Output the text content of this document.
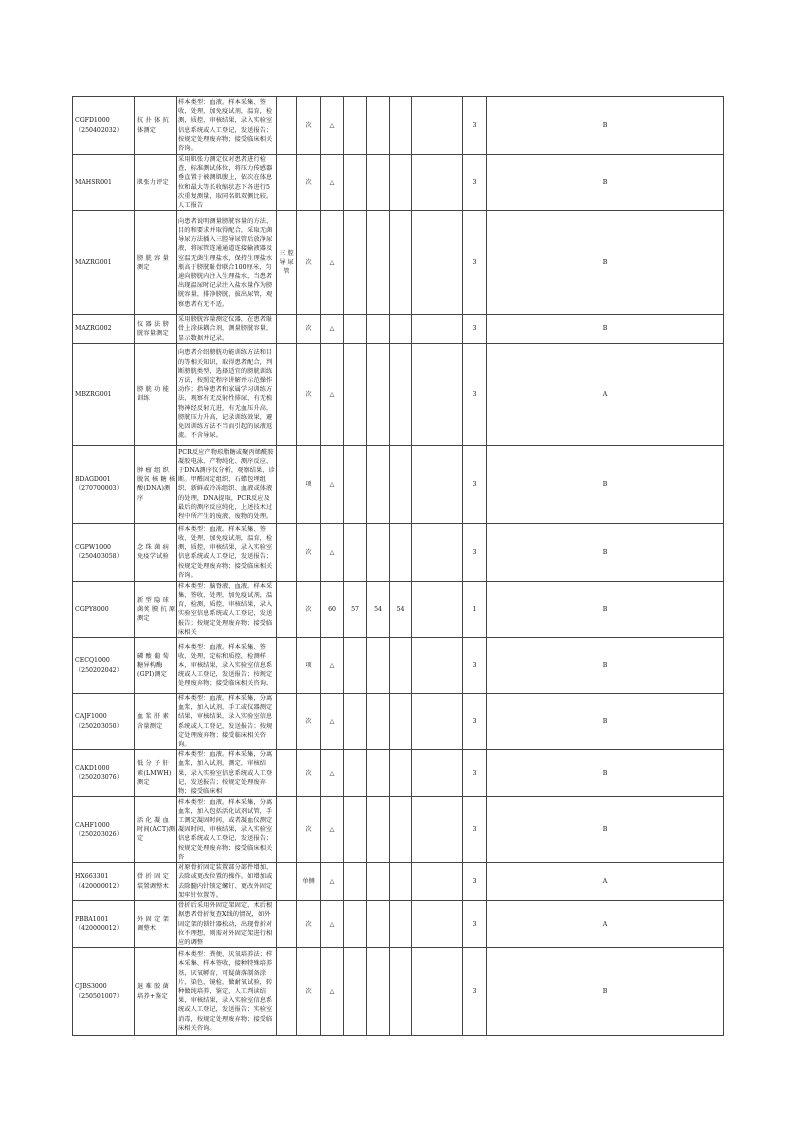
CGFD1000
（250402032）	抗 扑 体 抗 体测定	样本类型：血液。样本采集、签收、处理，加免疫试剂，温育，检测，质控，审核结果，录入实验室信息系统或人工登记，发送报告；按规定处理废弃物；接受临床相关咨询。		次	△					3	B
MAHSR001	肌张力评定	采用肌张力测定仪对患者进行检查，标准测试体位，将压力传感器垂直置于被测肌腹上，依次在体息位和最大等长收缩状态下各进行5次重复测量，取同名肌双侧比较。人工报告		次	△					3	B
MAZRG001	膀 胱 容 量 测定	向患者说明测量膀胱容量的方法、目的和要求并取得配合，采取无菌导尿方法插入三腔导尿管后放净尿液，将尿管连通通道连接输液器及室温无菌生理盐水，保持生理盐水瓶高于膀胱耻骨联合100厘米，匀速向膀胱内注入生理盐水，当患者出现温尿时记录注入盐水量作为膀胱容量，排净膀胱，拔出尿管，观察患者有无不适。	三 腔
导 尿
管	次	△					3	B
MAZRG002	仪 器 法 膀 胱容量测定	采用膀胱容量测定仪器，在患者耻骨上涂抹耦合剂，测量膀胱容量，显示数据并记录。		次	△					3	B
MBZRG001	膀 胱 功 能 训练	向患者介绍膀胱功能训练方法和目的等相关知识，取得患者配合，判断膀胱类型，选择适宜的膀胱训练方法，按照定程序讲解并示范操作动作；指导患者和家属学习训练方法，观察有无反射性排尿，有无植物神经反射亢进，有无血压升高，膀胱压力升高，记录训练效果，避免因训练方法不当而引起的尿液返流。不含导尿。		次	△					3	A
BDAGD001
（270700003）	肿 瘤 组 织 脱氧 核 糖 核 酸(DNA)测序	PCR反应产物琼脂糖或聚丙烯酰胺凝胶电泳、产物纯化、测序反应、于DNA测序仪分析，观察结果，诊断。甲醛固定组织、石蜡包埋组织、新鲜或冷冻组织、血液或体液的处理，DNA提取，PCR反应及最后的测序反应纯化，上述技术过程中所产生的废液、废物的处理。		项	△					3	B
CGPW1000
（250403058）	念 珠 菌 病 免疫学试验	样本类型：血液。样本采集、签收、处理，加免疫试剂，温育，检测，质控，审核结果，录入实验室信息系统或人工登记，发送报告；按规定处理废弃物；接受临床相关咨询。		次	△					3	B
CGPY8000	新 型 隐 球 菌荚 膜 抗 原 测定	样本类型：脑脊液、血液。样本采集、签收、处理，加免疫试剂，温育，检测，质控，审核结果，录入实验室信息系统或人工登记，发送报告；按规定处理废弃物；接受临床相关		次	60	57	54	54		1	B
CECQ1000
（250202042）	磷 酸 葡 萄 糖异构酶(GPI)测定	样本类型：血液。样本采集、签收、处理，定标和质控，检测样本，审核结果，录入实验室信息系统或人工登记，发送报告；按规定处理废弃物；接受临床相关咨询。		项	△					3	B
CAJF1000
（250203050）	血 浆 肝 素 含量测定	样本类型：血液。样本采集，分离血浆，加入试剂，手工或仪器测定结果，审核结果，录入实验室信息系统或人工登记，发送报告；按规定处理废弃物；接受临床相关咨询。		次	△					3	B
CAKD1000
（250203076）	低 分 子 肝 素(LMWH)测定	样本类型：血液。样本采集，分离血浆，加入试剂，测定，审核结果，录入实验室信息系统或人工登记，发送报告；按规定处理废弃物；接受临床相		次	△					3	B
CAHF1000
（250203026）	活 化 凝 血 时间(ACT)测定	样本类型：血液。样本采集，分离血浆，加入包括活化试剂试管，手工测定凝固时间，或者凝血仪测定凝固时间，审核结果，录入实验室信息系统或人工登记，发送报告；按规定处理废弃物；接受临床相关咨		次	△					3	B
HX663301
（420000012）	骨 折 固 定 装置调整术	对原骨折固定装置部分部件增加、去除或更改位置的操作。如增加或去除髓内针锁定螺钉、更改外固定架牢针位置等。		单侧	△					3	A
PBBA1001
（420000012）	外 固 定 架 调整术	骨折后采用外固定架固定，术后根据患者骨折复查X线的情况，如外固定架的锁针器松动，出现骨折对位不理想，则需对外固定架进行相应的调整		次	△					3	A
CJBS3000
（250501007）	退 难 胶 菌 培养+鉴定	样本类型：粪便、厌氧培养法；样本采集、样本签收，接种特殊培养基，厌氧孵育，可疑菌落制备涂片，染色，镜检，做耐氧试验，转种做纯培养，鉴定，人工判读结果，审核结果，录入实验室信息系统或人工登记，发送报告；实验室消毒，按规定处理废弃物；接受临床相关咨询。		次	△					3	B
